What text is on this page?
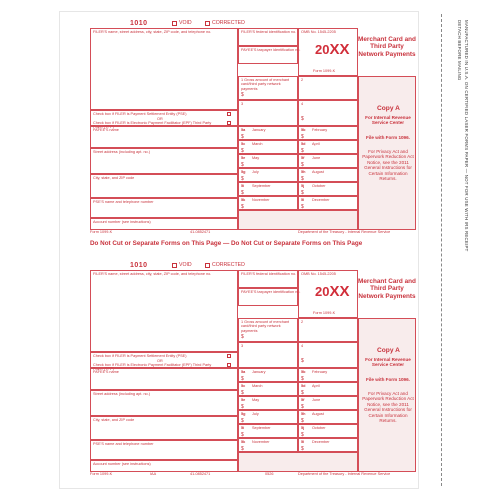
1010	VOID	CORRECTED
FILER'S name, street address, city, state, ZIP code, and telephone no.	FILER'S federal identification no.
PAYEE'S taxpayer identification no.
OMB No. 1545-2205
20XX
Form 1099-K
Merchant Card and Third Party Network Payments
Check box if FILER is Payment Settlement Entity (PSE)
OR
Check box if FILER is Electronic Payment Facilitator (EPF) Third Party Payer (TPP)
PAYEE'S name
Street address (including apt. no.)
City, state, and ZIP code
PSE'S name and telephone number
Account number (see instructions)
1 Gross amount of merchant card/third party network payments
$
2
3	4
$
5a January
$
5b February
$
5c March
$
5d April
$
5e May
$
5f June
$
5g July
$
5h August
$
5i September
$
5j October
$
5k November
$
5l December
$
Copy A
For Internal Revenue Service Center
File with Form 1096.
For Privacy Act and Paperwork Reduction Act Notice, see the 2011 General Instructions for Certain Information Returns.
Form 1099-K	41-0852471	Department of the Treasury - Internal Revenue Service
Do Not Cut or Separate Forms on This Page — Do Not Cut or Separate Forms on This Page
1010	VOID	CORRECTED
FILER'S name, street address, city, state, ZIP code, and telephone no.	FILER'S federal identification no.
PAYEE'S taxpayer identification no.
OMB No. 1545-2205
20XX
Form 1099-K
Merchant Card and Third Party Network Payments
Check box if FILER is Payment Settlement Entity (PSE)
OR
Check box if FILER is Electronic Payment Facilitator (EPF) Third Party Payer (TPP)
PAYEE'S name
Street address (including apt. no.)
City, state, and ZIP code
PSE'S name and telephone number
Account number (see instructions)
1 Gross amount of merchant card/third party network payments
$
2
3	4
$
5a January
$
5b February
$
5c March
$
5d April
$
5e May
$
5f June
$
5g July
$
5h August
$
5i September
$
5j October
$
5k November
$
5l December
$
Copy A
For Internal Revenue Service Center
File with Form 1096.
For Privacy Act and Paperwork Reduction Act Notice, see the 2011 General Instructions for Certain Information Returns.
Form 1099-K	IAA	41-0852471	0526	Department of the Treasury - Internal Revenue Service
DETACH BEFORE MAILING MANUFACTURED IN U.S.A. ON CERTIFIED LASER FORMS PAPER — NOT FOR USE WITH IRS RECEIPT
